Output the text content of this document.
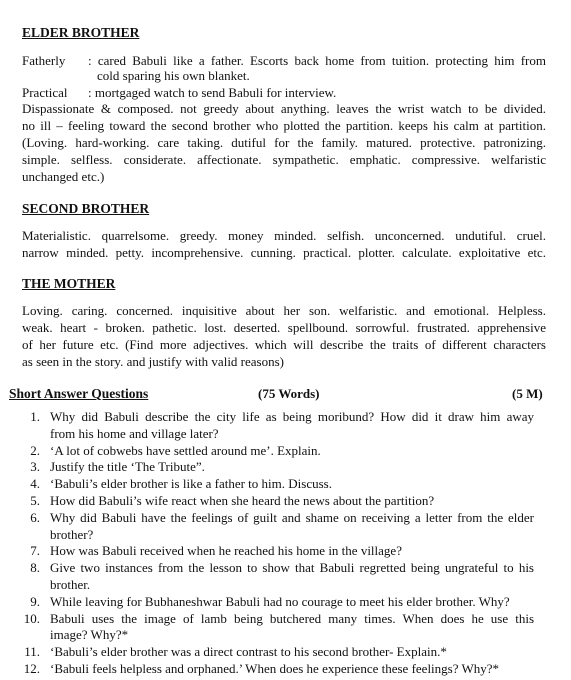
ELDER BROTHER
Fatherly : cared Babuli like a father. Escorts back home from tuition. protecting him from
cold sparing his own blanket.
Practical : mortgaged watch to send Babuli for interview.
Dispassionate & composed. not greedy about anything. leaves the wrist watch to be divided.
no ill – feeling toward the second brother who plotted the partition. keeps his calm at partition.
(Loving. hard-working. care taking. dutiful for the family. matured. protective. patronizing.
simple. selfless. considerate. affectionate. sympathetic. emphatic. compressive. welfaristic
unchanged etc.)
SECOND BROTHER
Materialistic. quarrelsome. greedy. money minded. selfish. unconcerned. undutiful. cruel.
narrow minded. petty. incomprehensive. cunning. practical. plotter. calculate. exploitative etc.
THE MOTHER
Loving. caring. concerned. inquisitive about her son. welfaristic. and emotional. Helpless.
weak. heart - broken. pathetic. lost. deserted. spellbound. sorrowful. frustrated. apprehensive
of her future etc. (Find more adjectives. which will describe the traits of different characters
as seen in the story. and justify with valid reasons)
Short Answer Questions	(75 Words)	(5 M)
1. Why did Babuli describe the city life as being moribund? How did it draw him away
from his home and village later?
2. ‘A lot of cobwebs have settled around me’. Explain.
3. Justify the title ‘The Tribute”.
4. ‘Babuli’s elder brother is like a father to him. Discuss.
5. How did Babuli’s wife react when she heard the news about the partition?
6. Why did Babuli have the feelings of guilt and shame on receiving a letter from the elder
brother?
7. How was Babuli received when he reached his home in the village?
8. Give two instances from the lesson to show that Babuli regretted being ungrateful to his
brother.
9. While leaving for Bubhaneshwar Babuli had no courage to meet his elder brother. Why?
10. Babuli uses the image of lamb being butchered many times. When does he use this
image? Why?*
11. ‘Babuli’s elder brother was a direct contrast to his second brother- Explain.*
12. ‘Babuli feels helpless and orphaned.’ When does he experience these feelings? Why?*
